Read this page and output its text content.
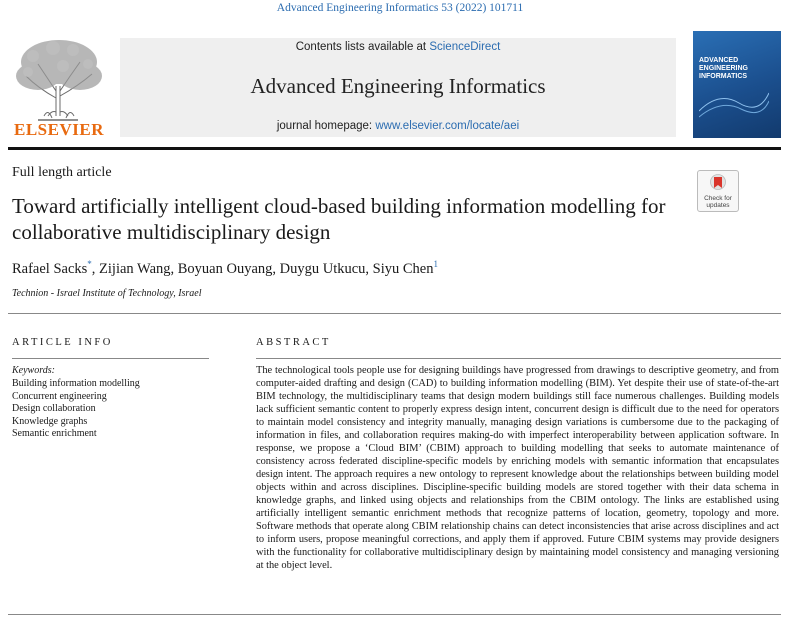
Advanced Engineering Informatics 53 (2022) 101711
ELSEVIER
Contents lists available at ScienceDirect
Advanced Engineering Informatics
journal homepage: www.elsevier.com/locate/aei
ADVANCED ENGINEERING INFORMATICS
Full length article
Check for updates
Toward artificially intelligent cloud-based building information modelling for collaborative multidisciplinary design
Rafael Sacks*, Zijian Wang, Boyuan Ouyang, Duygu Utkucu, Siyu Chen$^1$
Technion - Israel Institute of Technology, Israel
ARTICLE INFO
Keywords:
Building information modelling
Concurrent engineering
Design collaboration
Knowledge graphs
Semantic enrichment
ABSTRACT
The technological tools people use for designing buildings have progressed from drawings to descriptive geometry, and from computer-aided drafting and design (CAD) to building information modelling (BIM). Yet despite their use of state-of-the-art BIM technology, the multidisciplinary teams that design modern buildings still face numerous challenges. Building models lack sufficient semantic content to properly express design intent, concurrent design is difficult due to the need for operators to maintain model consistency and integrity manually, managing design variations is cumbersome due to the packaging of information in files, and collaboration requires making-do with imperfect interoperability between application software. In response, we propose a ‘Cloud BIM’ (CBIM) approach to building modelling that seeks to automate maintenance of consistency across federated discipline-specific models by enriching models with semantic information that encapsulates design intent. The approach requires a new ontology to represent knowledge about the relationships between building model objects within and across disciplines. Discipline-specific building models are stored together with their data schema in knowledge graphs, and linked using objects and relationships from the CBIM ontology. The links are established using artificially intelligent semantic enrichment methods that recognize patterns of location, geometry, topology and more. Software methods that operate along CBIM relationship chains can detect inconsistencies that arise across disciplines and act to inform users, propose meaningful corrections, and apply them if approved. Future CBIM systems may provide designers with the functionality for collaborative multidisciplinary design by maintaining model consistency and managing versioning at the object level.
